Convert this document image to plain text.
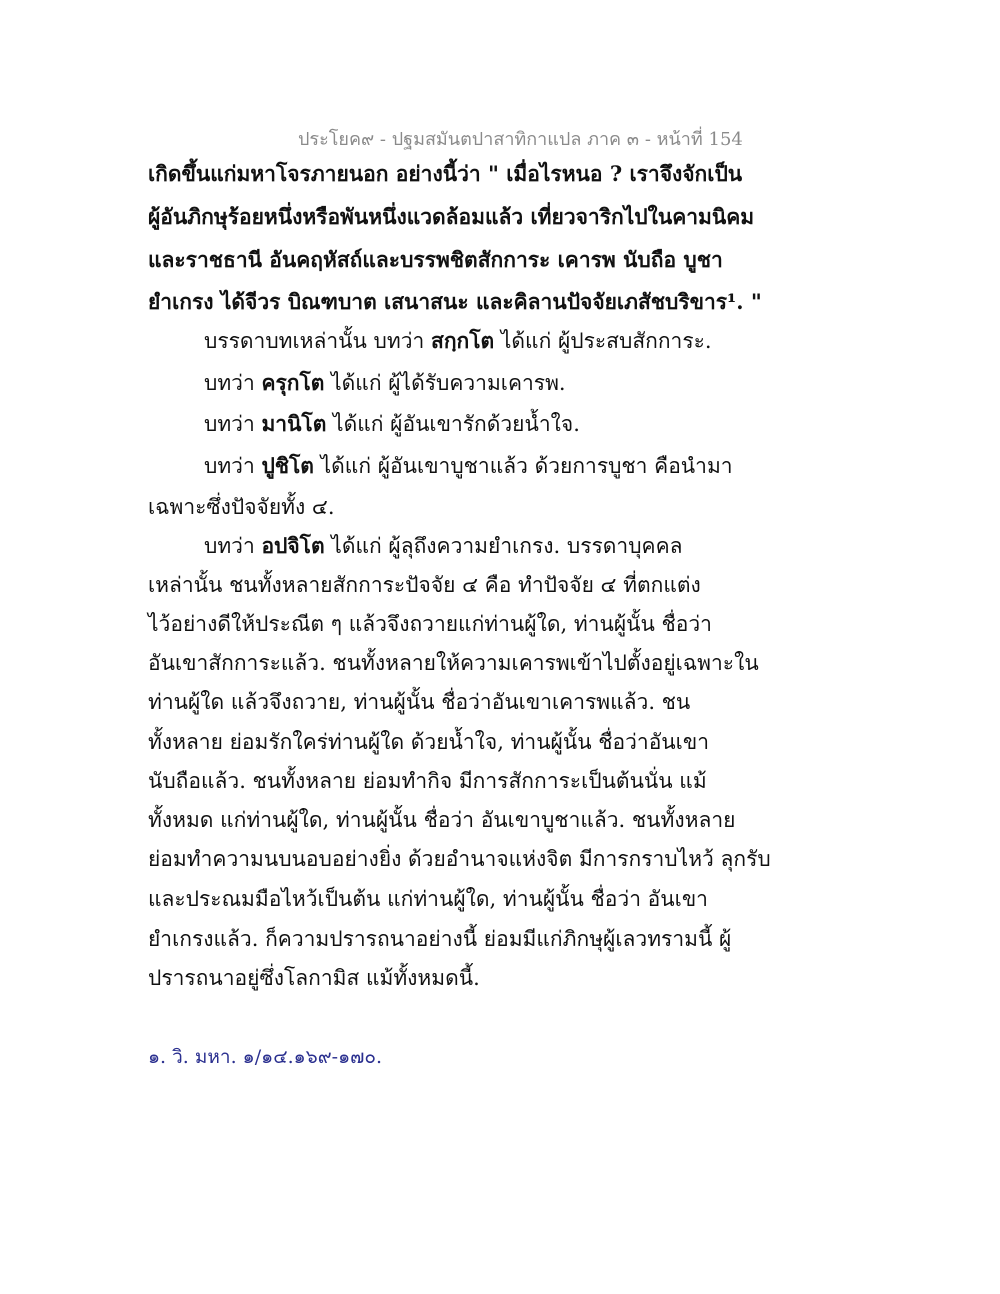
ประโยค๙ - ปฐมสมันตปาสาทิกาแปล ภาค ๓ - หน้าที่ 154
เกิดขึ้นแก่มหาโจรภายนอก อย่างนี้ว่า " เมื่อไรหนอ ? เราจึงจักเป็น
ผู้อันภิกษุร้อยหนึ่งหรือพันหนึ่งแวดล้อมแล้ว เที่ยวจาริกไปในคามนิคม
และราชธานี อันคฤหัสถ์และบรรพชิตสักการะ เคารพ นับถือ บูชา
ยำเกรง ได้จีวร บิณฑบาต เสนาสนะ และคิลานปัจจัยเภสัชบริขาร¹. "
บรรดาบทเหล่านั้น บทว่า สกฺกโต ได้แก่ ผู้ประสบสักการะ.
บทว่า ครุกโต ได้แก่ ผู้ได้รับความเคารพ.
บทว่า มานิโต ได้แก่ ผู้อันเขารักด้วยน้ำใจ.
บทว่า ปูชิโต ได้แก่ ผู้อันเขาบูชาแล้ว ด้วยการบูชา คือนำมา
เฉพาะซึ่งปัจจัยทั้ง ๔.
บทว่า อปจิโต ได้แก่ ผู้ลุถึงความยำเกรง. บรรดาบุคคล
เหล่านั้น ชนทั้งหลายสักการะปัจจัย ๔ คือ ทำปัจจัย ๔ ที่ตกแต่ง
ไว้อย่างดีให้ประณีต ๆ แล้วจึงถวายแก่ท่านผู้ใด, ท่านผู้นั้น ชื่อว่า
อันเขาสักการะแล้ว. ชนทั้งหลายให้ความเคารพเข้าไปตั้งอยู่เฉพาะใน
ท่านผู้ใด แล้วจึงถวาย, ท่านผู้นั้น ชื่อว่าอันเขาเคารพแล้ว. ชน
ทั้งหลาย ย่อมรักใคร่ท่านผู้ใด ด้วยน้ำใจ, ท่านผู้นั้น ชื่อว่าอันเขา
นับถือแล้ว. ชนทั้งหลาย ย่อมทำกิจ มีการสักการะเป็นต้นนั่น แม้
ทั้งหมด แก่ท่านผู้ใด, ท่านผู้นั้น ชื่อว่า อันเขาบูชาแล้ว. ชนทั้งหลาย
ย่อมทำความนบนอบอย่างยิ่ง ด้วยอำนาจแห่งจิต มีการกราบไหว้ ลุกรับ
และประณมมือไหว้เป็นต้น แก่ท่านผู้ใด, ท่านผู้นั้น ชื่อว่า อันเขา
ยำเกรงแล้ว. ก็ความปรารถนาอย่างนี้ ย่อมมีแก่ภิกษุผู้เลวทรามนี้ ผู้
ปรารถนาอยู่ซึ่งโลกามิส แม้ทั้งหมดนี้.
๑. วิ. มหา. ๑/๑๔.๑๖๙-๑๗๐.
